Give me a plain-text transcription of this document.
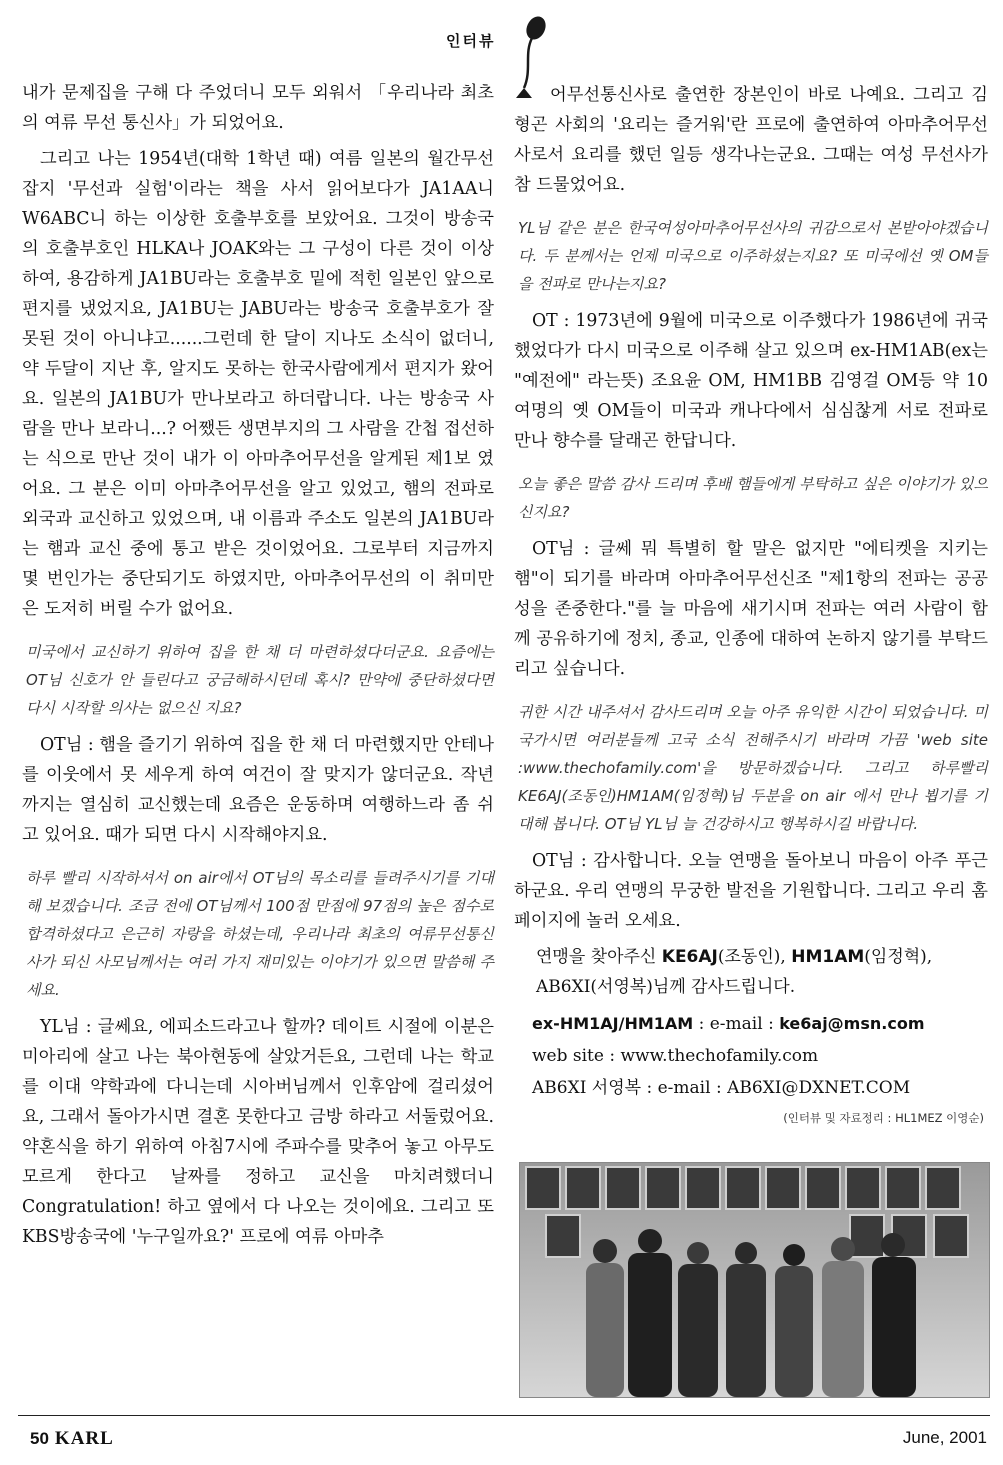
인터뷰

내가 문제집을 구해 다 주었더니 모두 외워서 「우리나라 최초의 여류 무선 통신사」가 되었어요.

그리고 나는 1954년(대학 1학년 때) 여름 일본의 월간무선잡지 '무선과 실험'이라는 책을 사서 읽어보다가 JA1AA니 W6ABC니 하는 이상한 호출부호를 보았어요. 그것이 방송국의 호출부호인 HLKA나 JOAK와는 그 구성이 다른 것이 이상하여, 용감하게 JA1BU라는 호출부호 밑에 적힌 일본인 앞으로 편지를 냈었지요, JA1BU는 JABU라는 방송국 호출부호가 잘못된 것이 아니냐고......그런데 한 달이 지나도 소식이 없더니, 약 두달이 지난 후, 알지도 못하는 한국사람에게서 편지가 왔어요. 일본의 JA1BU가 만나보라고 하더랍니다. 나는 방송국 사람을 만나 보라니...? 어쨌든 생면부지의 그 사람을 간첩 접선하는 식으로 만난 것이 내가 이 아마추어무선을 알게된 제1보 였어요. 그 분은 이미 아마추어무선을 알고 있었고, 햄의 전파로 외국과 교신하고 있었으며, 내 이름과 주소도 일본의 JA1BU라는 햄과 교신 중에 통고 받은 것이었어요. 그로부터 지금까지 몇 번인가는 중단되기도 하였지만, 아마추어무선의 이 취미만은 도저히 버릴 수가 없어요.

미국에서 교신하기 위하여 집을 한 채 더 마련하셨다더군요. 요즘에는OT님 신호가 안 들린다고 궁금해하시던데 혹시? 만약에 중단하셨다면 다시 시작할 의사는 없으신 지요?

OT님 : 햄을 즐기기 위하여 집을 한 채 더 마련했지만 안테나를 이웃에서 못 세우게 하여 여건이 잘 맞지가 않더군요. 작년까지는 열심히 교신했는데 요즘은 운동하며 여행하느라 좀 쉬고 있어요. 때가 되면 다시 시작해야지요.

하루 빨리 시작하셔서 on air에서 OT님의 목소리를 들려주시기를 기대해 보겠습니다. 조금 전에 OT님께서 100점 만점에 97점의 높은 점수로 합격하셨다고 은근히 자랑을 하셨는데, 우리나라 최초의 여류무선통신사가 되신 사모님께서는 여러 가지 재미있는 이야기가 있으면 말씀해 주세요.

YL님 : 글쎄요, 에피소드라고나 할까? 데이트 시절에 이분은 미아리에 살고 나는 북아현동에 살았거든요, 그런데 나는 학교를 이대 약학과에 다니는데 시아버님께서 인후암에 걸리셨어요, 그래서 돌아가시면 결혼 못한다고 금방 하라고 서둘렀어요. 약혼식을 하기 위하여 아침7시에 주파수를 맞추어 놓고 아무도 모르게 한다고 날짜를 정하고 교신을 마치려했더니 Congratulation! 하고 옆에서 다 나오는 것이에요. 그리고 또 KBS방송국에 '누구일까요?' 프로에 여류 아마추

어무선통신사로 출연한 장본인이 바로 나예요. 그리고 김형곤 사회의 '요리는 즐거워'란 프로에 출연하여 아마추어무선사로서 요리를 했던 일등 생각나는군요. 그때는 여성 무선사가 참 드물었어요.

YL님 같은 분은 한국여성아마추어무선사의 귀감으로서 본받아야겠습니다. 두 분께서는 언제 미국으로 이주하셨는지요? 또 미국에선 옛 OM들을 전파로 만나는지요?

OT : 1973년에 9월에 미국으로 이주했다가 1986년에 귀국했었다가 다시 미국으로 이주해 살고 있으며 ex-HM1AB(ex는 "예전에" 라는뜻) 조요윤 OM, HM1BB 김영걸 OM등 약 10여명의 옛 OM들이 미국과 캐나다에서 심심찮게 서로 전파로 만나 향수를 달래곤 한답니다.

오늘 좋은 말씀 감사 드리며 후배 햄들에게 부탁하고 싶은 이야기가 있으신지요?

OT님 : 글쎄 뭐 특별히 할 말은 없지만 "에티켓을 지키는 햄"이 되기를 바라며 아마추어무선신조 "제1항의 전파는 공공성을 존중한다."를 늘 마음에 새기시며 전파는 여러 사람이 함께 공유하기에 정치, 종교, 인종에 대하여 논하지 않기를 부탁드리고 싶습니다.

귀한 시간 내주셔서 감사드리며 오늘 아주 유익한 시간이 되었습니다. 미국가시면 여러분들께 고국 소식 전해주시기 바라며 가끔 'web site :www.thechofamily.com'을 방문하겠습니다. 그리고 하루빨리KE6AJ(조동인)HM1AM(임정혁)님 두분을 on air 에서 만나 뵙기를 기대해 봅니다. OT님 YL님 늘 건강하시고 행복하시길 바랍니다.

OT님 : 감사합니다. 오늘 연맹을 돌아보니 마음이 아주 푸근하군요. 우리 연맹의 무궁한 발전을 기원합니다. 그리고 우리 홈 페이지에 놀러 오세요.

연맹을 찾아주신 KE6AJ(조동인), HM1AM(임정혁),

AB6XI(서영복)님께 감사드립니다.

ex-HM1AJ/HM1AM : e-mail : ke6aj@msn.com

web site : www.thechofamily.com

AB6XI 서영복 : e-mail : AB6XI@DXNET.COM

(인터뷰 및 자료정리 : HL1MEZ 이영순)

50 KARL	June, 2001
